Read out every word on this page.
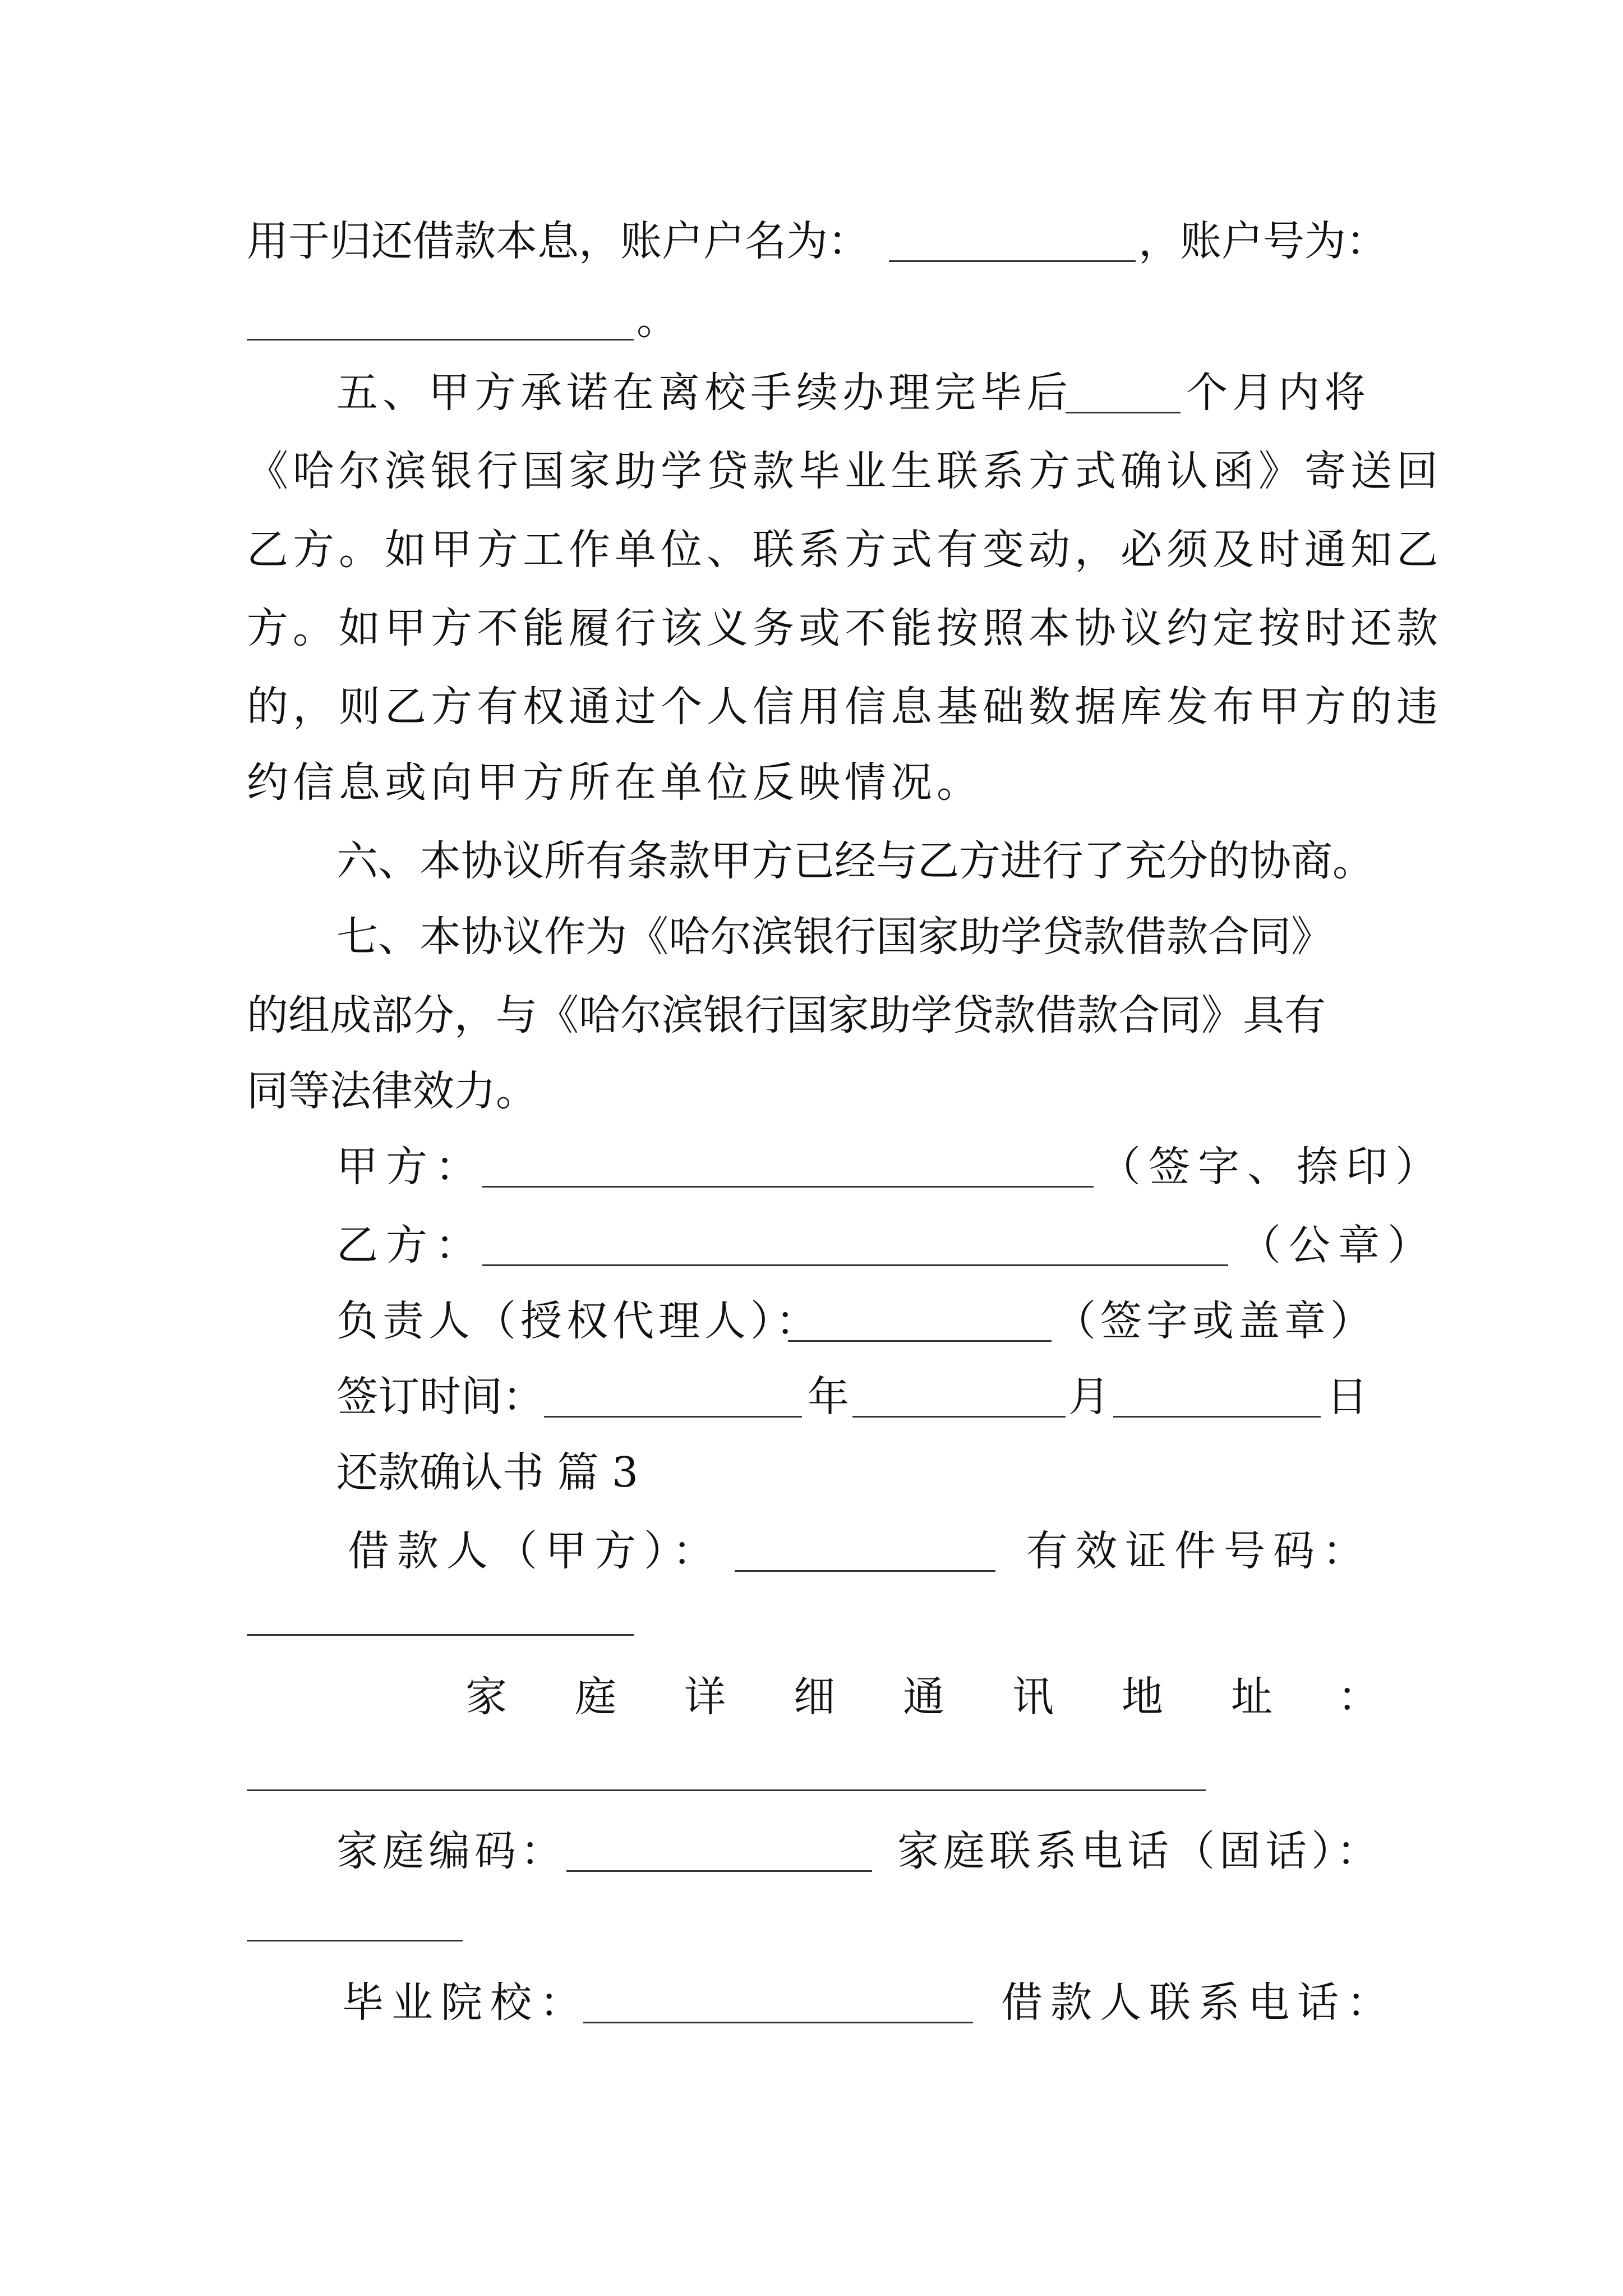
用于归还借款本息，账户户名为：	，账户号为：
。
五、甲方承诺在离校手续办理完毕后	个月内将
《哈尔滨银行国家助学贷款毕业生联系方式确认函》寄送回
乙方。如甲方工作单位、联系方式有变动，必须及时通知乙
方。如甲方不能履行该义务或不能按照本协议约定按时还款
的，则乙方有权通过个人信用信息基础数据库发布甲方的违
约信息或向甲方所在单位反映情况。
六、本协议所有条款甲方已经与乙方进行了充分的协商。
七、本协议作为《哈尔滨银行国家助学贷款借款合同》
的组成部分，与《哈尔滨银行国家助学贷款借款合同》具有
同等法律效力。
甲方：	（签字、捺印）
乙方：	（公章）
负责人（授权代理人）：	（签字或盖章）
签订时间：	年	月	日
还款确认书 篇 3
借款人（甲方）：	有效证件号码：
家 庭 详 细 通 讯 地 址 ：
家庭编码：	家庭联系电话（固话）：
毕业院校：	借款人联系电话：
